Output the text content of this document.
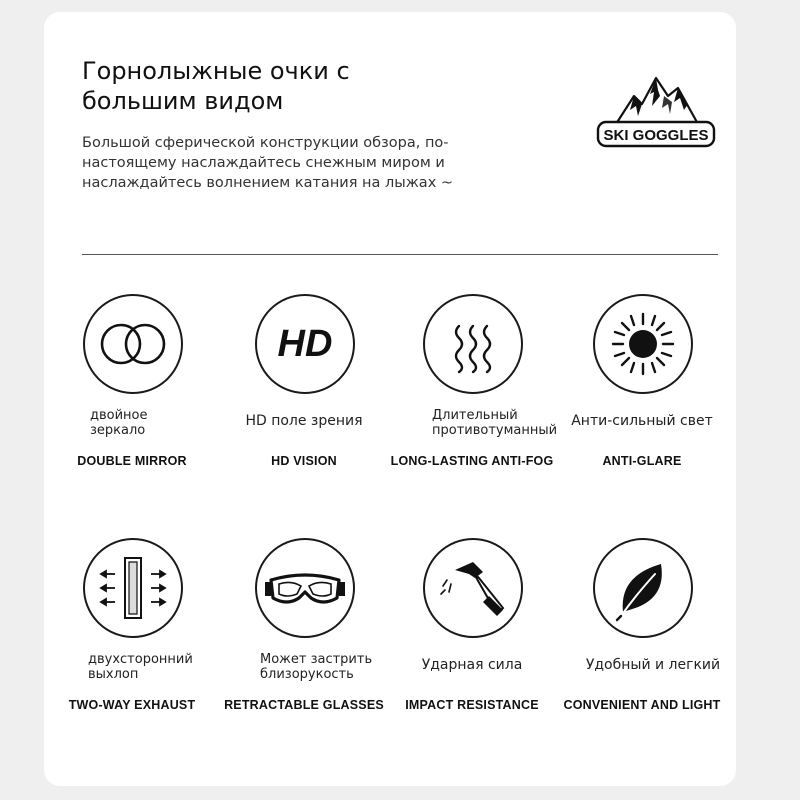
Горнолыжные очки с
большим видом

Большой сферической конструкции обзора, по-настоящему наслаждайтесь снежным миром и наслаждайтесь волнением катания на лыжах ~

SKI GOGGLES
двойное зеркало
DOUBLE MIRROR
HD
HD поле зрения
HD VISION
Длительный противотуманный
LONG-LASTING ANTI-FOG
Анти-сильный свет
ANTI-GLARE
двухсторонний выхлоп
TWO-WAY EXHAUST
Может застрить близорукость
RETRACTABLE GLASSES
Ударная сила
IMPACT RESISTANCE
Удобный и легкий
CONVENIENT AND LIGHT
